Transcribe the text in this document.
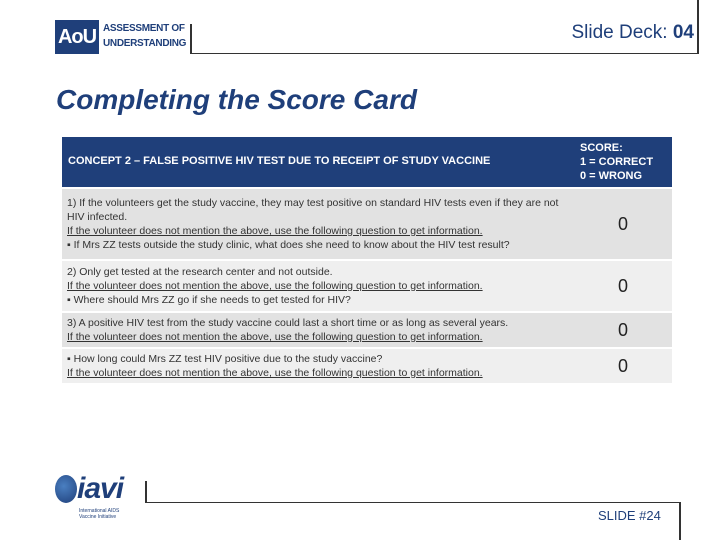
AoU ASSESSMENT OF
UNDERSTANDING
Slide Deck: 04
Completing the Score Card
CONCEPT 2 – FALSE POSITIVE HIV TEST DUE TO RECEIPT OF STUDY VACCINE	SCORE:
1 = CORRECT
0 = WRONG

1) If the volunteers get the study vaccine, they may test positive on standard HIV tests even if they are not HIV infected.
If the volunteer does not mention the above, use the following question to get information.
▪ If Mrs ZZ tests outside the study clinic, what does she need to know about the HIV test result?	0

2) Only get tested at the research center and not outside.
If the volunteer does not mention the above, use the following question to get information.
▪ Where should Mrs ZZ go if she needs to get tested for HIV?	0

3) A positive HIV test from the study vaccine could last a short time or as long as several years.
If the volunteer does not mention the above, use the following question to get information.	0

▪ How long could Mrs ZZ test HIV positive due to the study vaccine?
If the volunteer does not mention the above, use the following question to get information.	0
iavi
International AIDS
Vaccine Initiative	SLIDE #24
